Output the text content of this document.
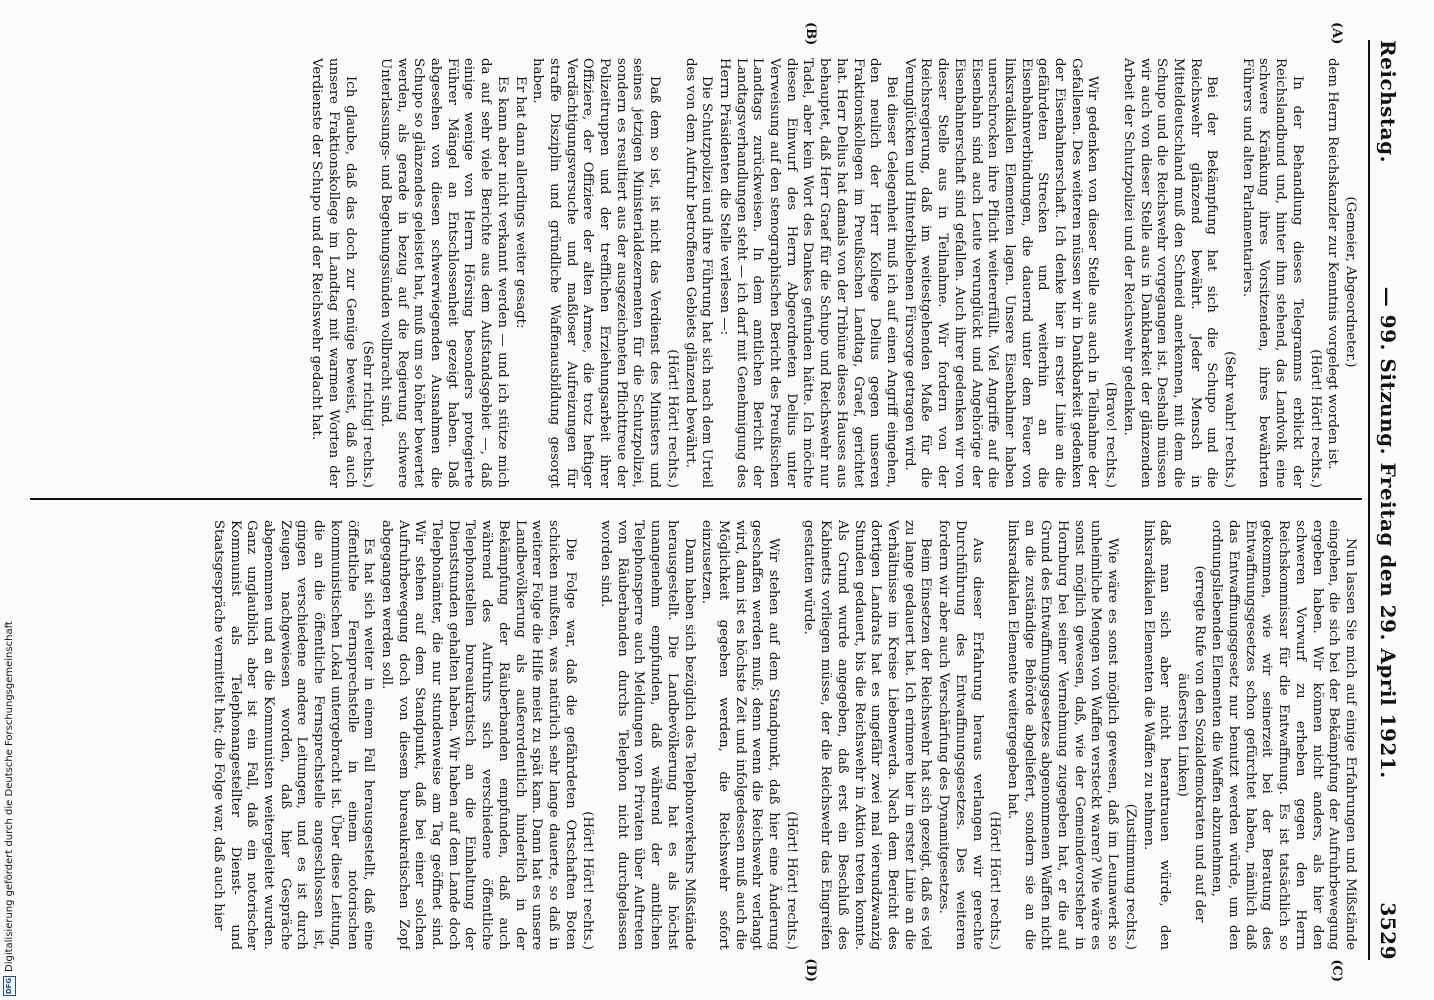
Reichstag.
— 99. Sitzung. Freitag den 29. April 1921.
3529
(A)
(B)
(C)
(D)

(Gemeier, Abgeordneter.)

dem Herrn Reichskanzler zur Kenntnis vorgelegt worden ist.

(Hört! Hört! rechts.)

In der Behandlung dieses Telegramms erblickt der Reichslandbund und, hinter ihm stehend, das Landvolk eine schwere Kränkung ihres Vorsitzenden, ihres bewährten Führers und alten Parlamentariers.

(Sehr wahr! rechts.)

Bei der Bekämpfung hat sich die Schupo und die Reichswehr glänzend bewährt. Jeder Mensch in Mitteldeutschland muß den Schneid anerkennen, mit dem die Schupo und die Reichswehr vorgegangen ist. Deshalb müssen wir auch von dieser Stelle aus in Dankbarkeit der glänzenden Arbeit der Schutzpolizei und der Reichswehr gedenken.

(Bravo! rechts.)

Wir gedenken von dieser Stelle aus auch in Teilnahme der Gefallenen. Des weiteren müssen wir in Dankbarkeit gedenken der Eisenbahnerschaft. Ich denke hier in erster Linie an die gefährdeten Strecken und weiterhin an die Eisenbahnverbindungen, die dauernd unter dem Feuer von linksradikalen Elementen lagen. Unsere Eisenbahner haben unerschrocken ihre Pflicht weitererfüllt. Viel Angriffe auf die Eisenbahn sind auch Leute verunglückt und Angehörige der Eisenbahnerschaft sind gefallen. Auch ihrer gedenken wir von dieser Stelle aus in Teilnahme. Wir fordern von der Reichsregierung, daß im weitestgehenden Maße für die Verunglückten und Hinterbliebenen Fürsorge getragen wird.

Bei dieser Gelegenheit muß ich auf einen Angriff eingehen, den neulich der Herr Kollege Delius gegen unseren Fraktionskollegen im Preußischen Landtag, Graef, gerichtet hat. Herr Delius hat damals von der Tribüne dieses Hauses aus behauptet, daß Herr Graef für die Schupo und Reichswehr nur Tadel, aber kein Wort des Dankes gefunden hätte. Ich möchte diesen Einwurf des Herrn Abgeordneten Delius unter Verweisung auf den stenographischen Bericht des Preußischen Landtags zurückweisen. In dem amtlichen Bericht der Landtagsverhandlungen steht — ich darf mit Genehmigung des Herrn Präsidenten die Stelle verlesen —:

Die Schutzpolizei und ihre Führung hat sich nach dem Urteil des von dem Aufruhr betroffenen Gebiets glänzend bewährt.

(Hört! Hört! rechts.)

Daß dem so ist, ist nicht das Verdienst des Ministers und seines jetzigen Ministerialdezernenten für die Schutzpolizei, sondern es resultiert aus der ausgezeichneten Pflichttreue der Polizeitruppen und der trefflichen Erziehungsarbeit ihrer Offiziere, der Offiziere der alten Armee, die trotz heftiger Verdächtigungsversuche und maßloser Aufreizungen für straffe Disziplin und gründliche Waffenausbildung gesorgt haben.

Er hat dann allerdings weiter gesagt:

Es kann aber nicht verkannt werden — und ich stütze mich da auf sehr viele Berichte aus dem Aufstandsgebiet —, daß einige wenige von Herrn Hörsing besonders protegierte Führer Mängel an Entschlossenheit gezeigt haben. Daß abgesehen von diesen schwerwiegenden Ausnahmen die Schupo so glänzendes geleistet hat, muß um so höher bewertet werden, als gerade in bezug auf die Regierung schwere Unterlassungs- und Begehungssünden vollbracht sind.

(Sehr richtig! rechts.)

Ich glaube, daß das doch zur Genüge beweist, daß auch unsere Fraktionskollege im Landtag mit warmen Worten der Verdienste der Schupo und der Reichswehr gedacht hat.

Nun lassen Sie mich auf einige Erfahrungen und Mißstände eingehen, die sich bei der Bekämpfung der Aufruhrbewegung ergeben haben. Wir können nicht anders, als hier den schweren Vorwurf zu erheben gegen den Herrn Reichskommissar für die Entwaffnung. Es ist tatsächlich so gekommen, wie wir seinerzeit bei der Beratung des Entwaffnungsgesetzes schon gefürchtet haben, nämlich daß das Entwaffnungsgesetz nur benutzt werden würde, um den ordnungsliebenden Elementen die Waffen abzunehmen,

(erregte Rufe von den Sozialdemokraten und auf der äußersten Linken)

daß man sich aber nicht herantrauen würde, den linksradikalen Elementen die Waffen zu nehmen.

(Zustimmung rechts.)

Wie wäre es sonst möglich gewesen, daß im Leunawerk so unheimliche Mengen von Waffen versteckt waren? Wie wäre es sonst möglich gewesen, daß, wie der Gemeindevorsteher in Hornburg bei seiner Vernehmung zugegeben hat, er die auf Grund des Entwaffnungsgesetzes abgenommenen Waffen nicht an die zuständige Behörde abgeliefert, sondern sie an die linksradikalen Elemente weitergegeben hat.

(Hört! Hört! rechts.)

Aus dieser Erfahrung heraus verlangen wir gerechte Durchführung des Entwaffnungsgesetzes. Des weiteren fordern wir aber auch Verschärfung des Dynamitgesetzes.

Beim Einsetzen der Reichswehr hat sich gezeigt, daß es viel zu lange gedauert hat. Ich erinnere hier in erster Linie an die Verhältnisse im Kreise Liebenwerda. Nach dem Bericht des dortigen Landrats hat es ungefähr zwei mal vierundzwanzig Stunden gedauert, bis die Reichswehr in Aktion treten konnte. Als Grund wurde angegeben, daß erst ein Beschluß des Kabinetts vorliegen müsse, der die Reichswehr das Eingreifen gestatten würde.

(Hört! Hört! rechts.)

Wir stehen auf dem Standpunkt, daß hier eine Änderung geschaffen werden muß; denn wenn die Reichswehr verlangt wird, dann ist es höchste Zeit und infolgedessen muß auch die Möglichkeit gegeben werden, die Reichswehr sofort einzusetzen.

Dann haben sich bezüglich des Telephonverkehrs Mißstände herausgestellt. Die Landbevölkerung hat es als höchst unangenehm empfunden, daß während der amtlichen Telephonsperre auch Meldungen von Privaten über Auftreten von Räuberbanden durchs Telephon nicht durchgelassen worden sind.

(Hört! Hört! rechts.)

Die Folge war, daß die gefährdeten Ortschaften Boten schicken mußten, was natürlich sehr lange dauerte, so daß in weiterer Folge die Hilfe meist zu spät kam. Dann hat es unsere Landbevölkerung als außerordentlich hinderlich in der Bekämpfung der Räuberbanden empfunden, daß auch während des Aufruhrs sich verschiedene öffentliche Telephonstellen bureaukratisch an die Einhaltung der Dienststunden gehalten haben. Wir haben auf dem Lande doch Telephonämter, die nur stundenweise am Tag geöffnet sind. Wir stehen auf dem Standpunkt, daß bei einer solchen Aufruhrbewegung doch von diesem bureaukratischen Zopf abgegangen werden soll.

Es hat sich weiter in einem Fall herausgestellt, daß eine öffentliche Fernsprechstelle in einem notorischen kommunistischen Lokal untergebracht ist. Über diese Leitung, die an die öffentliche Fernsprechstelle angeschlossen ist, gingen verschiedene andere Leitungen, und es ist durch Zeugen nachgewiesen worden, daß hier Gespräche abgenommen und an die Kommunisten weitergeleitet wurden. Ganz unglaublich aber ist ein Fall, daß ein notorischer Kommunist als Telephonangestellter Dienst- und Staatsgespräche vermittelt hat; die Folge war, daß auch hier

DFG
Digitalisierung gefördert durch die Deutsche Forschungsgemeinschaft
